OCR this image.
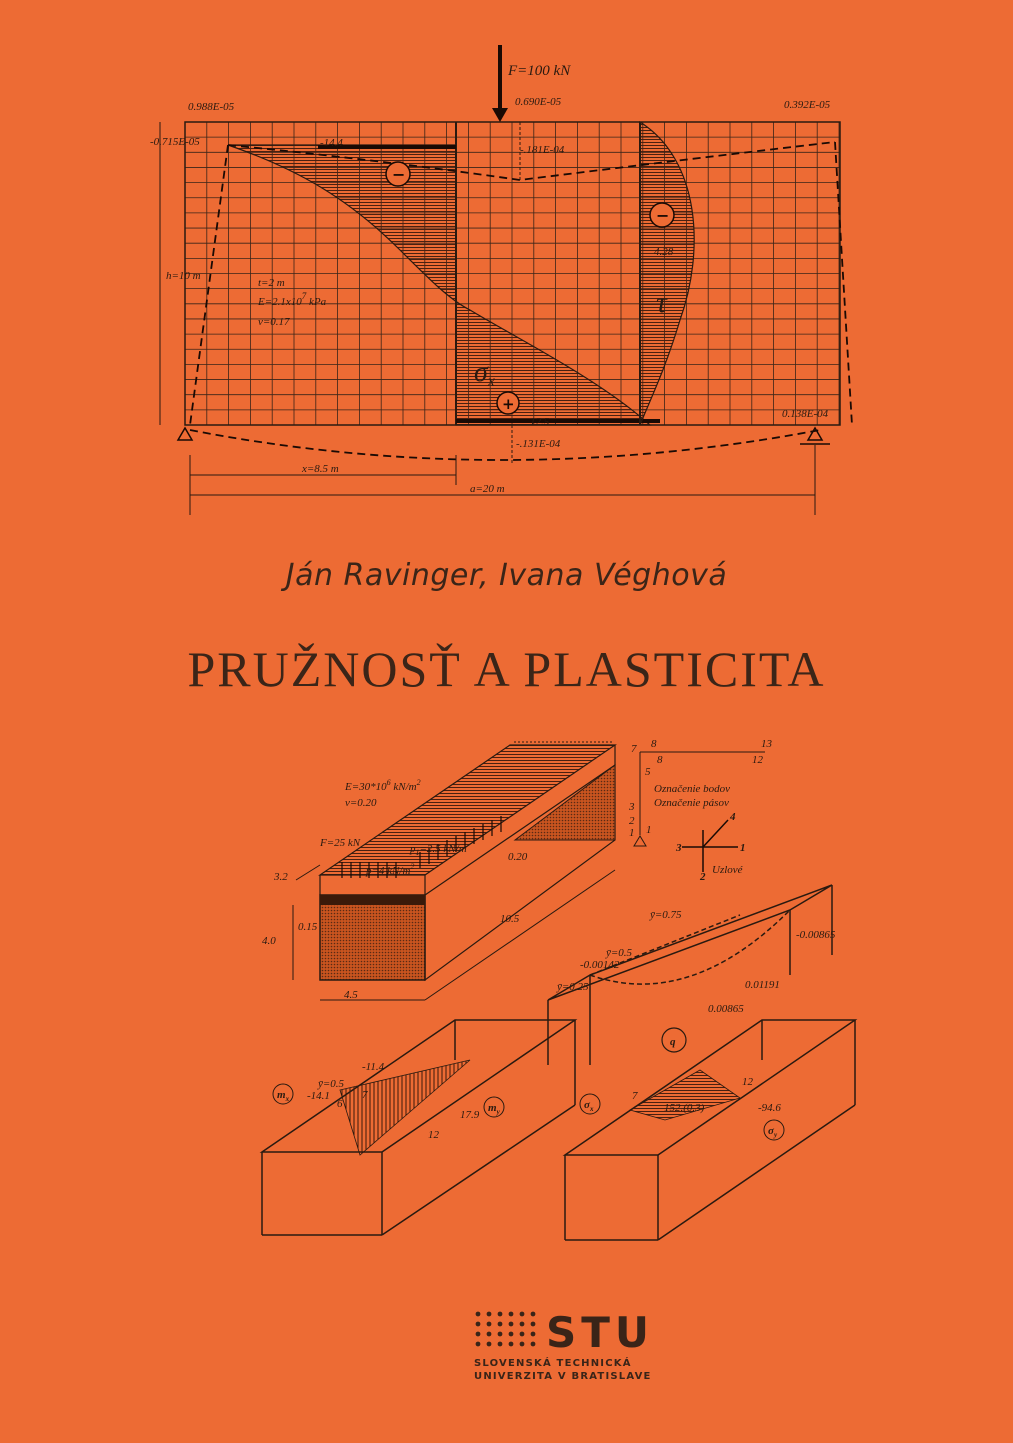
F=100 kN
0.988E-05	0.690E-05	0.392E-05
-0.715E-05
-.181E-04
-14.4
4.28
h=10 m
t=2 m
$E=2.1x10^7$ kPa
ν=0.17
σx
τ
12.5
-.131E-04
0.138E-04
x=8.5 m
a=20 m
−
−
+
Ján Ravinger, Ivana Véghová
PRUŽNOSŤ A PLASTICITA
$E=30*10^6$ $kN/m^2$
ν=0.20
F=25 kN	$p_1=2.5$ kN/m
p=4 $kN/m^2$
3.2
0.15
4.0
4.5
10.5
0.20
Označenie bodov
Označenie pásov
Uzlové
7 8
8
13
12
5
3
2
1 1
3	1
2
4
ȳ=0.75
ȳ=0.5
ȳ=0.25
-0.00865
-0.00142
0.01191
0.00865
q
$m_x$
$m_y$
ȳ=0.5
-11.4
-14.1
17.9
6
7
12
$\sigma_x$
$\sigma_y$
7
12
152.(0.3)	-94.6
STU
SLOVENSKÁ TECHNICKÁ
UNIVERZITA V BRATISLAVE
